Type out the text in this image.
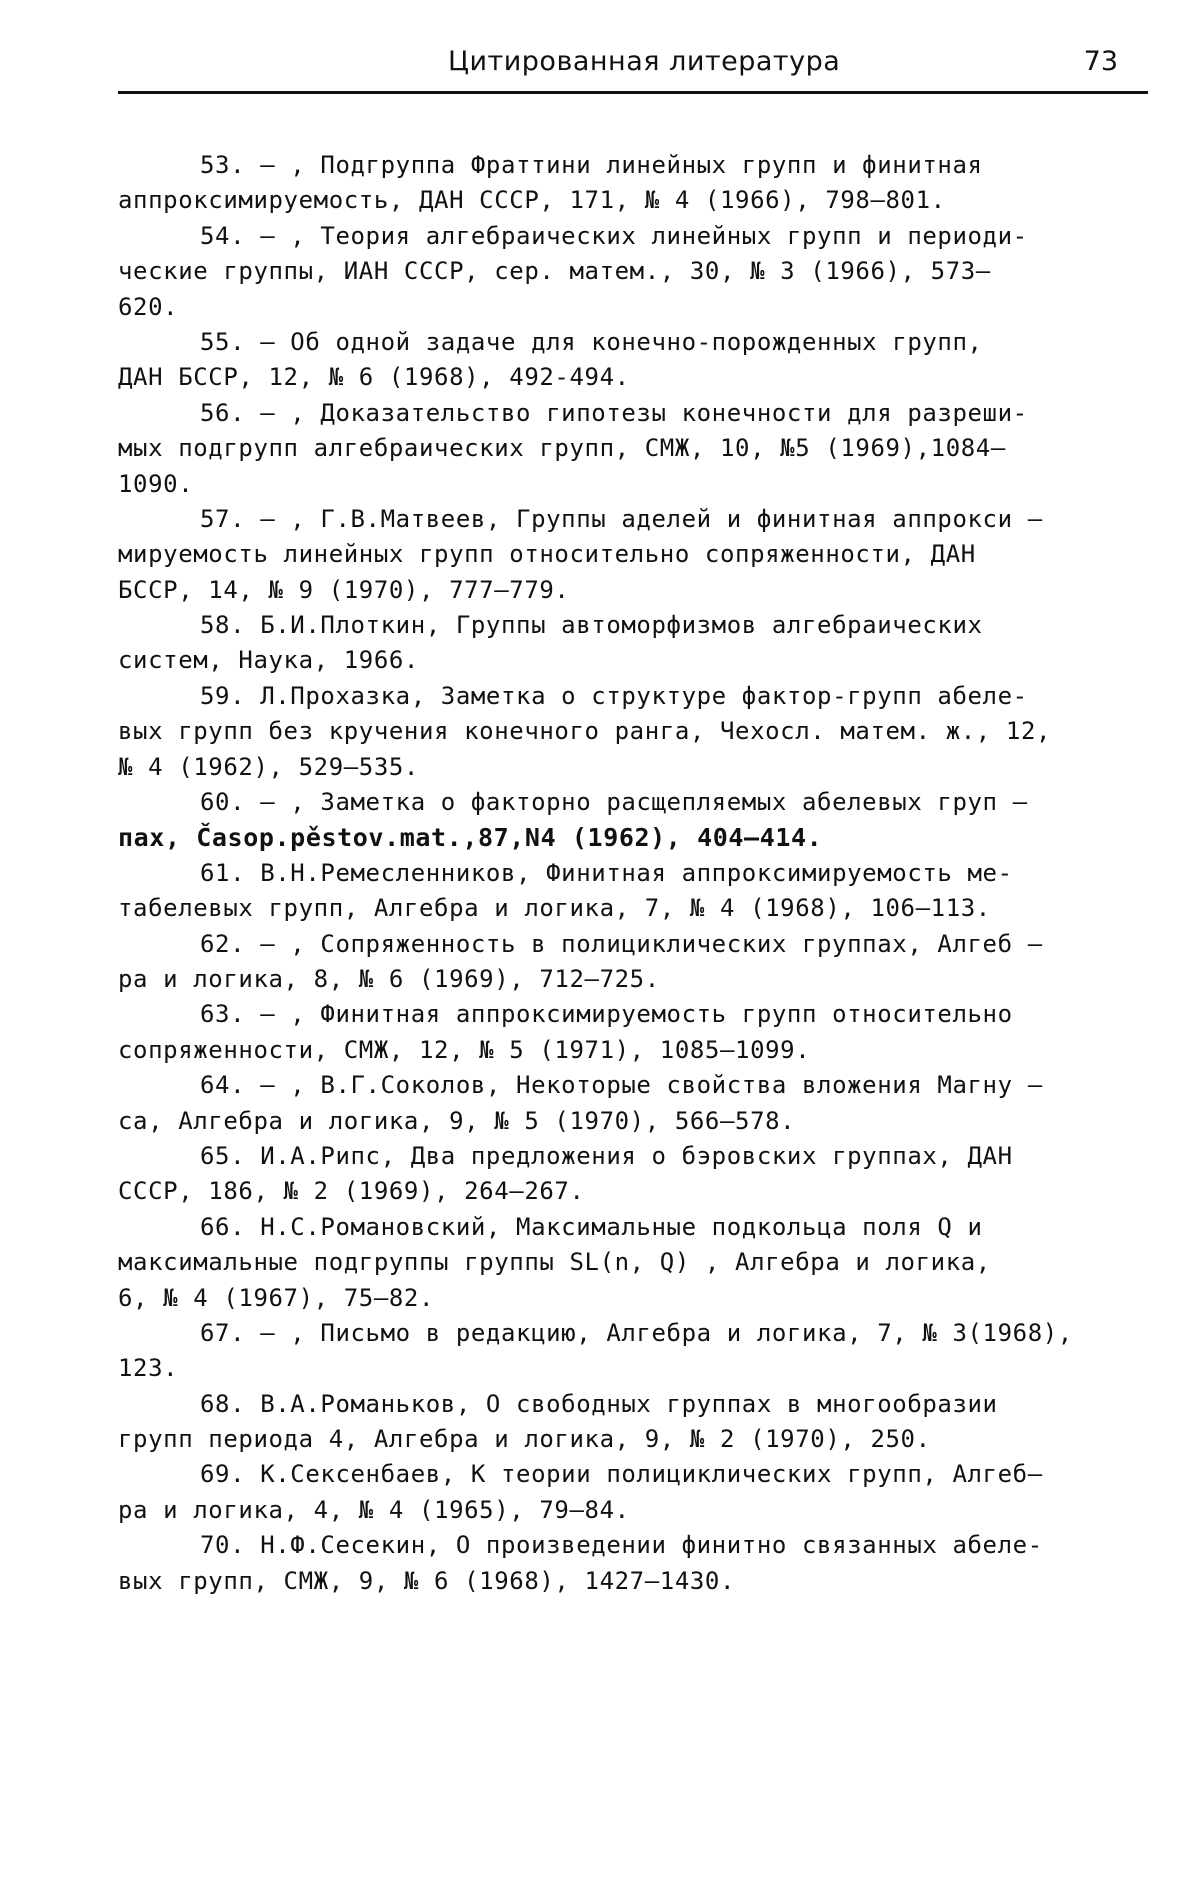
Цитированная литература	73
53. – , Подгруппа Фраттини линейных групп и финитная
аппроксимируемость, ДАН СССР, 171, № 4 (1966), 798–801.
54. – , Теория алгебраических линейных групп и периоди-
ческие группы, ИАН СССР, сер. матем., 30, № 3 (1966), 573–
620.
55. – Об одной задаче для конечно-порожденных групп,
ДАН БССР, 12, № 6 (1968), 492-494.
56. – , Доказательство гипотезы конечности для разреши-
мых подгрупп алгебраических групп, СМЖ, 10, №5 (1969),1084–
1090.
57. – , Г.В.Матвеев, Группы аделей и финитная аппрокси –
мируемость линейных групп относительно сопряженности, ДАН
БССР, 14, № 9 (1970), 777–779.
58. Б.И.Плоткин, Группы автоморфизмов алгебраических
систем, Наука, 1966.
59. Л.Прохазка, Заметка о структуре фактор-групп абеле-
вых групп без кручения конечного ранга, Чехосл. матем. ж., 12,
№ 4 (1962), 529–535.
60. – , Заметка о факторно расщепляемых абелевых груп –
пах, Časop.pěstov.mat.,87,N4 (1962), 404–414.
61. В.Н.Ремесленников, Финитная аппроксимируемость ме-
табелевых групп, Алгебра и логика, 7, № 4 (1968), 106–113.
62. – , Сопряженность в полициклических группах, Алгеб –
ра и логика, 8, № 6 (1969), 712–725.
63. – , Финитная аппроксимируемость групп относительно
сопряженности, СМЖ, 12, № 5 (1971), 1085–1099.
64. – , В.Г.Соколов, Некоторые свойства вложения Магну –
са, Алгебра и логика, 9, № 5 (1970), 566–578.
65. И.А.Рипс, Два предложения о бэровских группах, ДАН
СССР, 186, № 2 (1969), 264–267.
66. Н.С.Романовский, Максимальные подкольца поля Q и
максимальные подгруппы группы SL(n, Q) , Алгебра и логика,
6, № 4 (1967), 75–82.
67. – , Письмо в редакцию, Алгебра и логика, 7, № 3(1968),
123.
68. В.А.Романьков, О свободных группах в многообразии
групп периода 4, Алгебра и логика, 9, № 2 (1970), 250.
69. К.Сексенбаев, К теории полициклических групп, Алгеб–
ра и логика, 4, № 4 (1965), 79–84.
70. Н.Ф.Сесекин, О произведении финитно связанных абеле-
вых групп, СМЖ, 9, № 6 (1968), 1427–1430.
